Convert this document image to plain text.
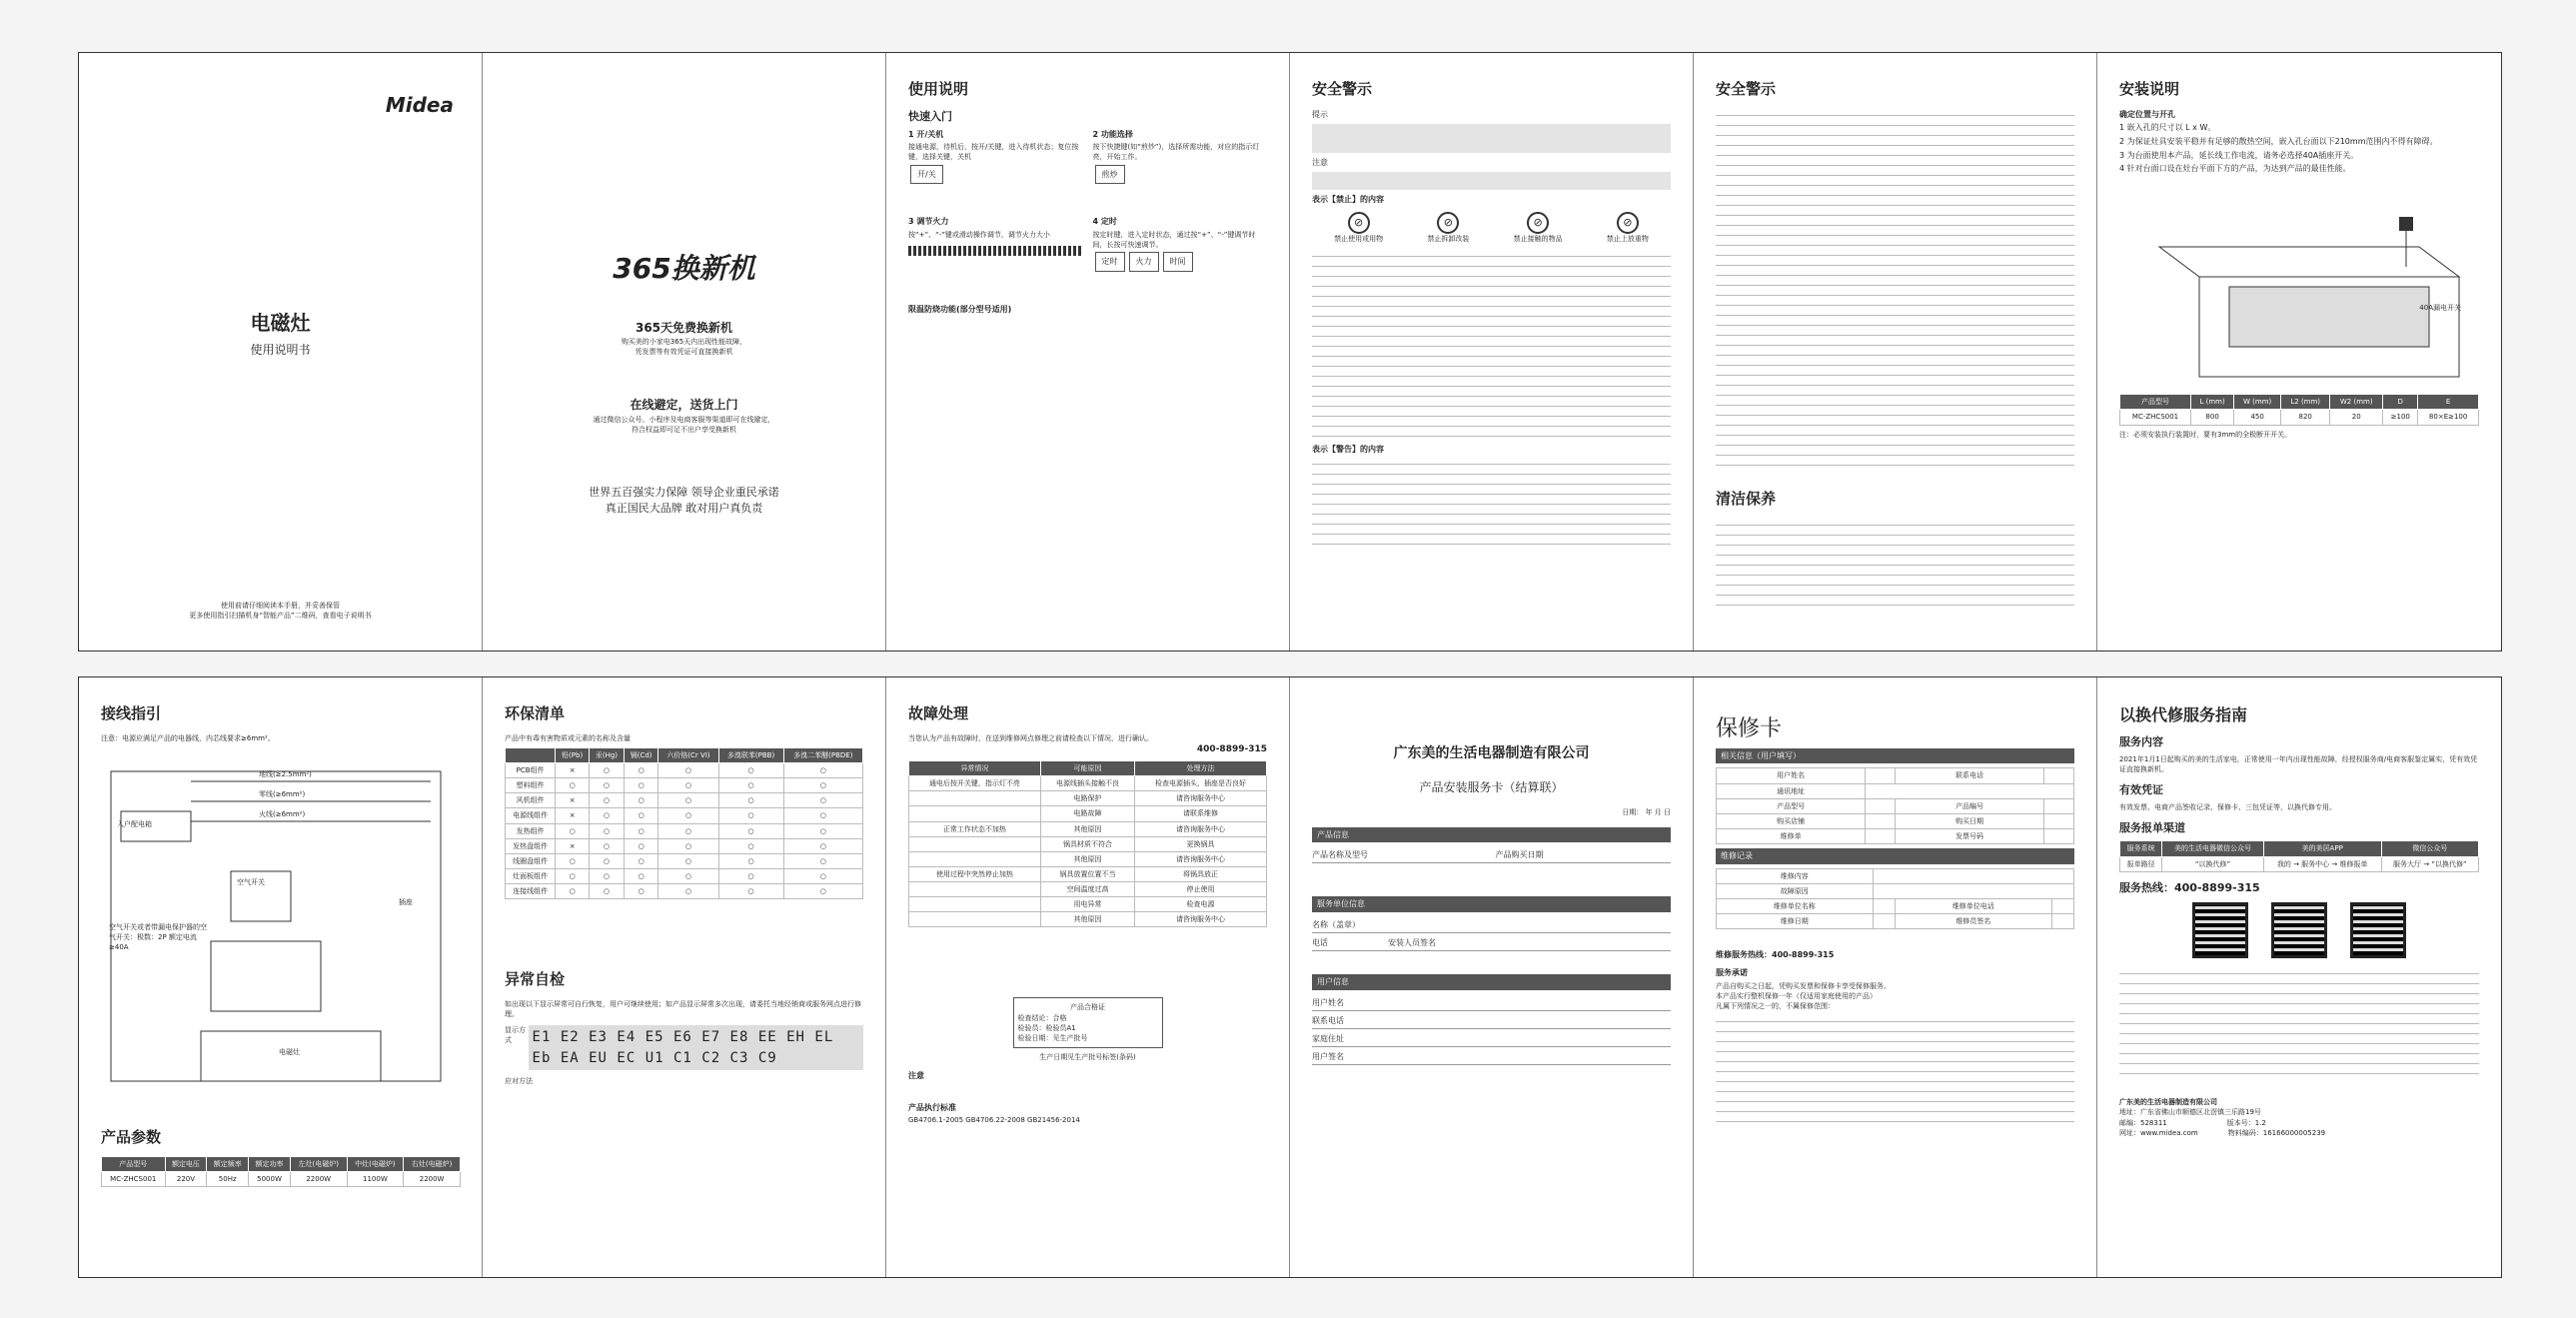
Midea
电磁灶
使用说明书
使用前请仔细阅读本手册，并妥善保管
更多使用指引扫描机身“智能产品”二维码，查看电子说明书
365换新机
365天免费换新机
购买美的小家电365天内出现性能故障，
凭发票等有效凭证可直接换新机
在线避定，送货上门
通过微信公众号、小程序及电商客服等渠道即可在线避定，
符合权益即可足不出户享受换新机
世界五百强实力保障 领导企业重民承诺
真正国民大品牌 敢对用户真负责
使用说明
快速入门
1 开/关机
接通电源，待机后，按开/关键，进入待机状态；复位按键，选择关键，关机
开/关
2 功能选择
按下快捷键(如“煎炒”)，选择所需功能，对应的指示灯亮，开始工作。
煎炒
3 调节火力
按“+”、“-”键或滑动操作调节，调节火力大小
4 定时
按定时键，进入定时状态，通过按“+”、“-”键调节时间，长按可快速调节。
定时 火力 时间
限温防烧功能(部分型号适用)
安全警示
提示

注意

表示【禁止】的内容
⊘
禁止使用或用物
⊘
禁止拆卸改装
⊘
禁止接触的物品
⊘
禁止上放重物
表示【警告】的内容
安全警示
清洁保养
安装说明
确定位置与开孔
1 嵌入孔的尺寸以 L x W。
2 为保证灶具安装平稳并有足够的散热空间，嵌入孔台面以下210mm范围内不得有障碍。
3 为台面使用本产品，延长线工作电流，请务必选择40A插座开关。
4 针对台面口设在灶台平面下方的产品，为达到产品的最佳性能。
40A漏电开关
产品型号	L (mm)	W (mm)	L2 (mm)	W2 (mm)	D	E
MC-ZHCS001	800	450	820	20	≥100	80×E≥100
注：必须安装执行装置时，要有3mm的全极断开开关。
接线指引
注意：电源应满足产品的电器线，内芯线要求≥6mm²。
地线(≥2.5mm²)
零线(≥6mm²)
火线(≥6mm²)
入户配电箱
空气开关
插座
空气开关或者带漏电保护器的空气开关：极数：2P 额定电流≥40A
电磁灶
产品参数
产品型号	额定电压	额定频率	额定功率	左灶(电磁炉)	中灶(电磁炉)	右灶(电磁炉)
MC-ZHCS001	220V	50Hz	5000W	2200W	1100W	2200W
环保清单
产品中有毒有害物质或元素的名称及含量
	铅(Pb)	汞(Hg)	镉(Cd)	六价铬(Cr VI)	多溴联苯(PBB)	多溴二苯醚(PBDE)
PCB组件	×	○	○	○	○	○
塑料组件	○	○	○	○	○	○
风机组件	×	○	○	○	○	○
电源线组件	×	○	○	○	○	○
发热组件	○	○	○	○	○	○
发热盘组件	×	○	○	○	○	○
线圈盘组件	○	○	○	○	○	○
灶面板组件	○	○	○	○	○	○
连接线组件	○	○	○	○	○	○
异常自检
如出现以下显示屏常可自行恢复，用户可继续使用；如产品显示屏常多次出现，请委托当地经销商或服务网点进行修理。
显示方式	E1 E2 E3 E4 E5 E6 E7 E8 EE EH EL Eb EA EU EC U1 C1 C2 C3 C9
应对方法
故障处理
当您认为产品有故障时，在送到维修网点修理之前请检查以下情况，进行确认。
400-8899-315
异常情况	可能原因	处理方法
通电后按开关键，指示灯不亮	电源线插头接触不良	检查电源插头，插座是否良好
	电路保护	请咨询服务中心
	电路故障	请联系维修
正常工作状态不加热	其他原因	请咨询服务中心
	锅具材质不符合	更换锅具
	其他原因	请咨询服务中心
使用过程中突然停止加热	锅具放置位置不当	将锅具放正
	空间温度过高	停止使用
	用电异常	检查电源
	其他原因	请咨询服务中心
产品合格证
检查结论：合格
检验员：检验员A1
检验日期：见生产批号
生产日期见生产批号标签(条码)
注意
产品执行标准
GB4706.1-2005 GB4706.22-2008 GB21456-2014
广东美的生活电器制造有限公司
产品安装服务卡（结算联）
日期： 年 月 日
产品信息
产品名称及型号	产品购买日期
服务单位信息
名称（盖章）
电话	安装人员签名
用户信息
用户姓名
联系电话
家庭住址
用户签名
保修卡
相关信息（用户填写）
用户姓名		联系电话	
通讯地址			
产品型号		产品编号	
购买店铺		购买日期	
维修单		发票号码	
维修记录
维修内容			
故障原因			
维修单位名称		维修单位电话	
维修日期		维修员签名	
维修服务热线：400-8899-315
服务承诺
产品自购买之日起，凭购买发票和保修卡享受保修服务。
本产品实行整机保修一年（仅适用家庭使用的产品）
凡属下列情况之一的，不属保修范围：
以换代修服务指南
服务内容
2021年1月1日起购买的美的生活家电，正常使用一年内出现性能故障，经授权服务商/电商客服鉴定属实，凭有效凭证直接换新机。
有效凭证
有效发票、电商产品签收记录、保修卡、三包凭证等，以换代修专用。
服务报单渠道
服务系统	美的生活电器微信公众号	美的美居APP	微信公众号
报单路径	“以换代修”	我的 → 服务中心 → 维修报单	服务大厅 → “以换代修”
服务热线：400-8899-315

广东美的生活电器制造有限公司
地址：广东省佛山市顺德区北滘镇三乐路19号
邮编：528311	版本号：1.2
网址：www.midea.com	物料编码：16166000005239
